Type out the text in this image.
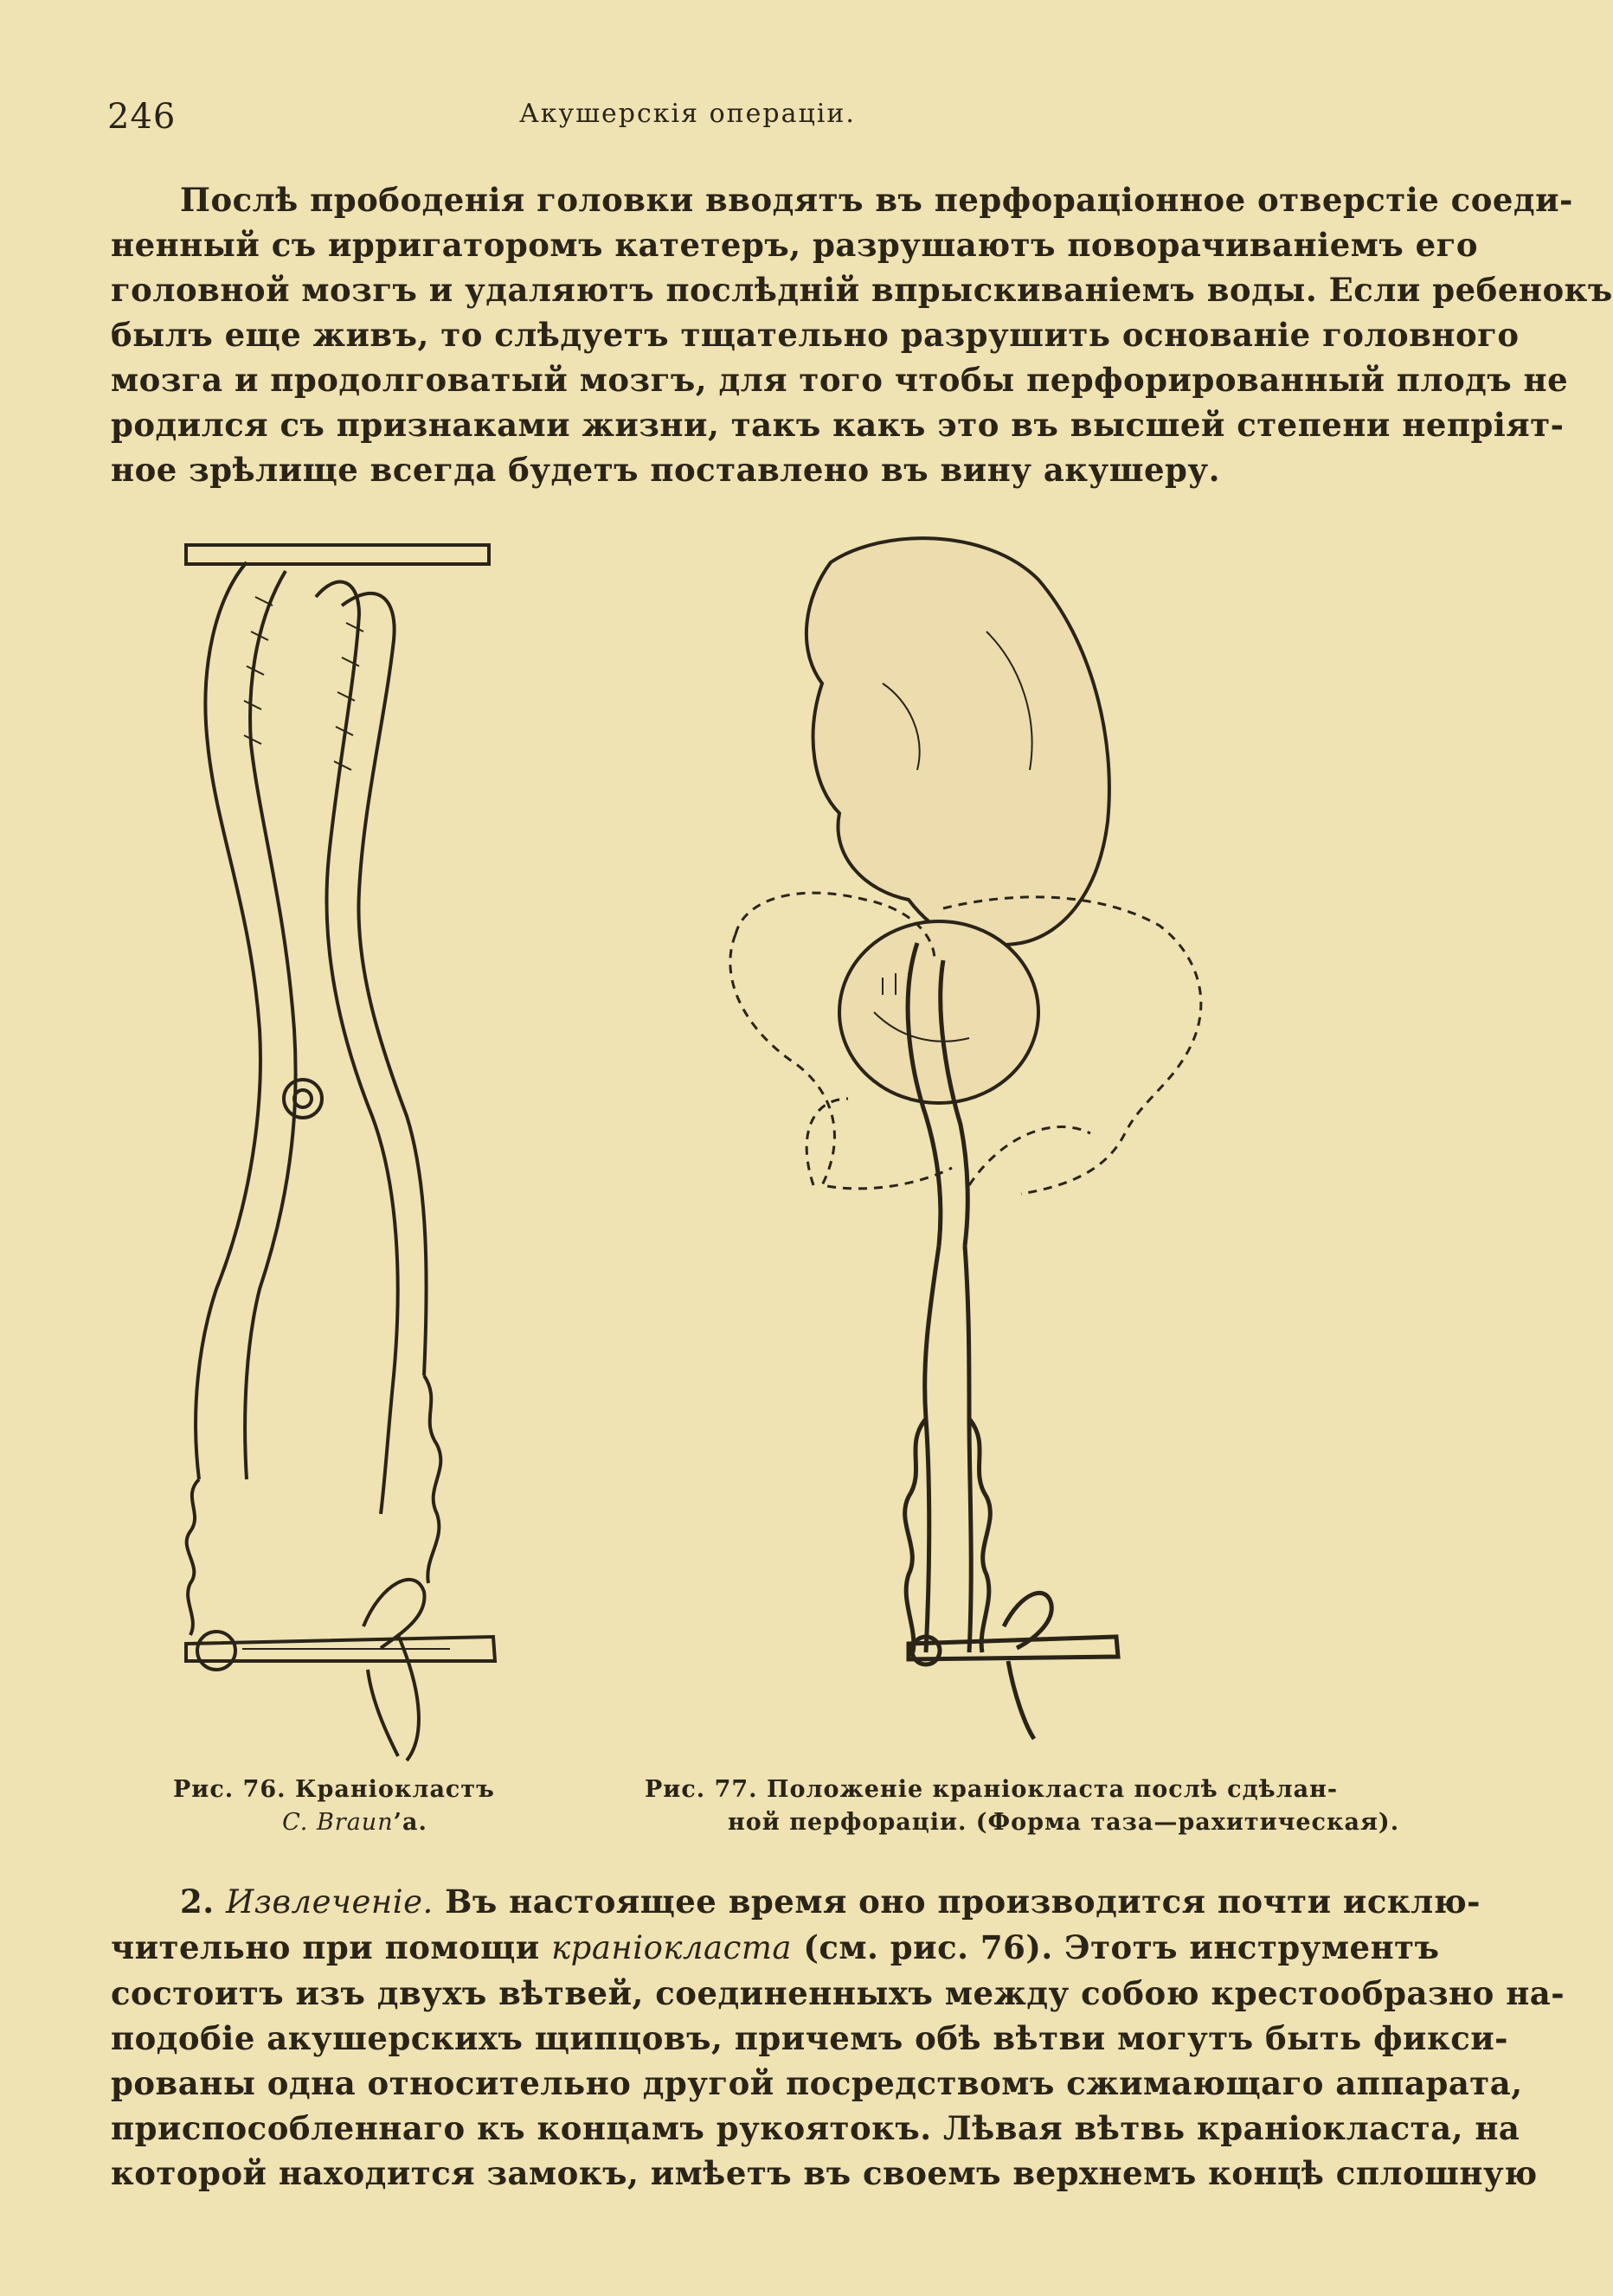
246	Акушерскія операціи.
Послѣ прободенія головки вводятъ въ перфораціонное отверстіе соеди-
ненный съ ирригаторомъ катетеръ, разрушаютъ поворачиваніемъ его
головной мозгъ и удаляютъ послѣдній впрыскиваніемъ воды. Если ребенокъ
былъ еще живъ, то слѣдуетъ тщательно разрушить основаніе головного
мозга и продолговатый мозгъ, для того чтобы перфорированный плодъ не
родился съ признаками жизни, такъ какъ это въ высшей степени непріят-
ное зрѣлище всегда будетъ поставлено въ вину акушеру.
Рис. 76. Краніокластъ
C. Braun’а.
Рис. 77. Положеніе краніокласта послѣ сдѣлан-
ной перфораціи. (Форма таза—рахитическая).
2. Извлеченіе. Въ настоящее время оно производится почти исклю-
чительно при помощи краніокласта (см. рис. 76). Этотъ инструментъ
состоитъ изъ двухъ вѣтвей, соединенныхъ между собою крестообразно на-
подобіе акушерскихъ щипцовъ, причемъ обѣ вѣтви могутъ быть фикси-
рованы одна относительно другой посредствомъ сжимающаго аппарата,
приспособленнаго къ концамъ рукоятокъ. Лѣвая вѣтвь краніокласта, на
которой находится замокъ, имѣетъ въ своемъ верхнемъ концѣ сплошную
